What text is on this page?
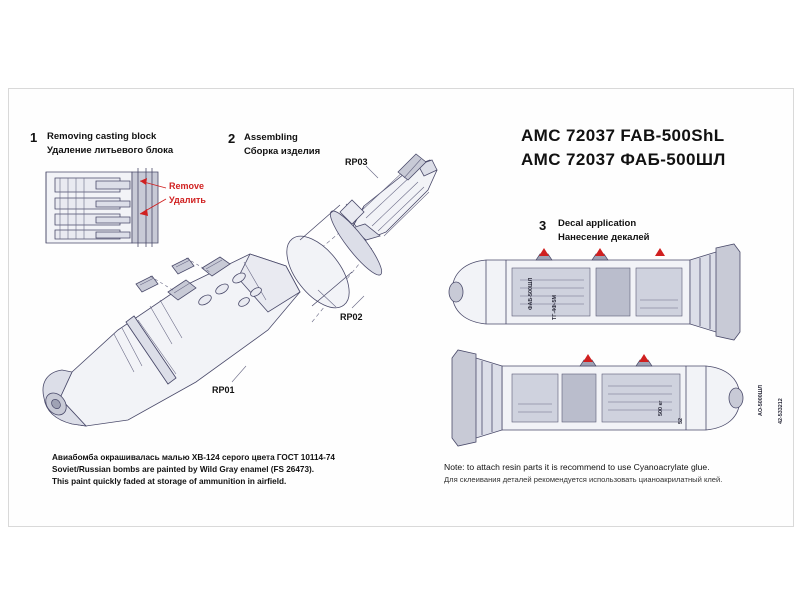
1 Removing casting block
Удаление литьевого блока
2 Assembling
Сборка изделия
3 Decal application
Нанесение декалей
AMC 72037 FAB-500ShL
AMC 72037 ФАБ-500ШЛ
Remove
Удалить
RP01
RP02
RP03
Авиабомба окрашивалась малью ХВ-124 серого цвета ГОСТ 10114-74
Soviet/Russian bombs are painted by Wild Gray enamel (FS 26473).
This paint quickly faded at storage of ammunition in airfield.
Note: to attach resin parts it is recommend to use Cyanoacrylate glue.
Для склеивания деталей рекомендуется использовать цианоакрилатный клей.
ФАБ-500ШЛ	ТГ-4Ф-5М
АО-5000ШЛ	42-533212
500 кг
52
